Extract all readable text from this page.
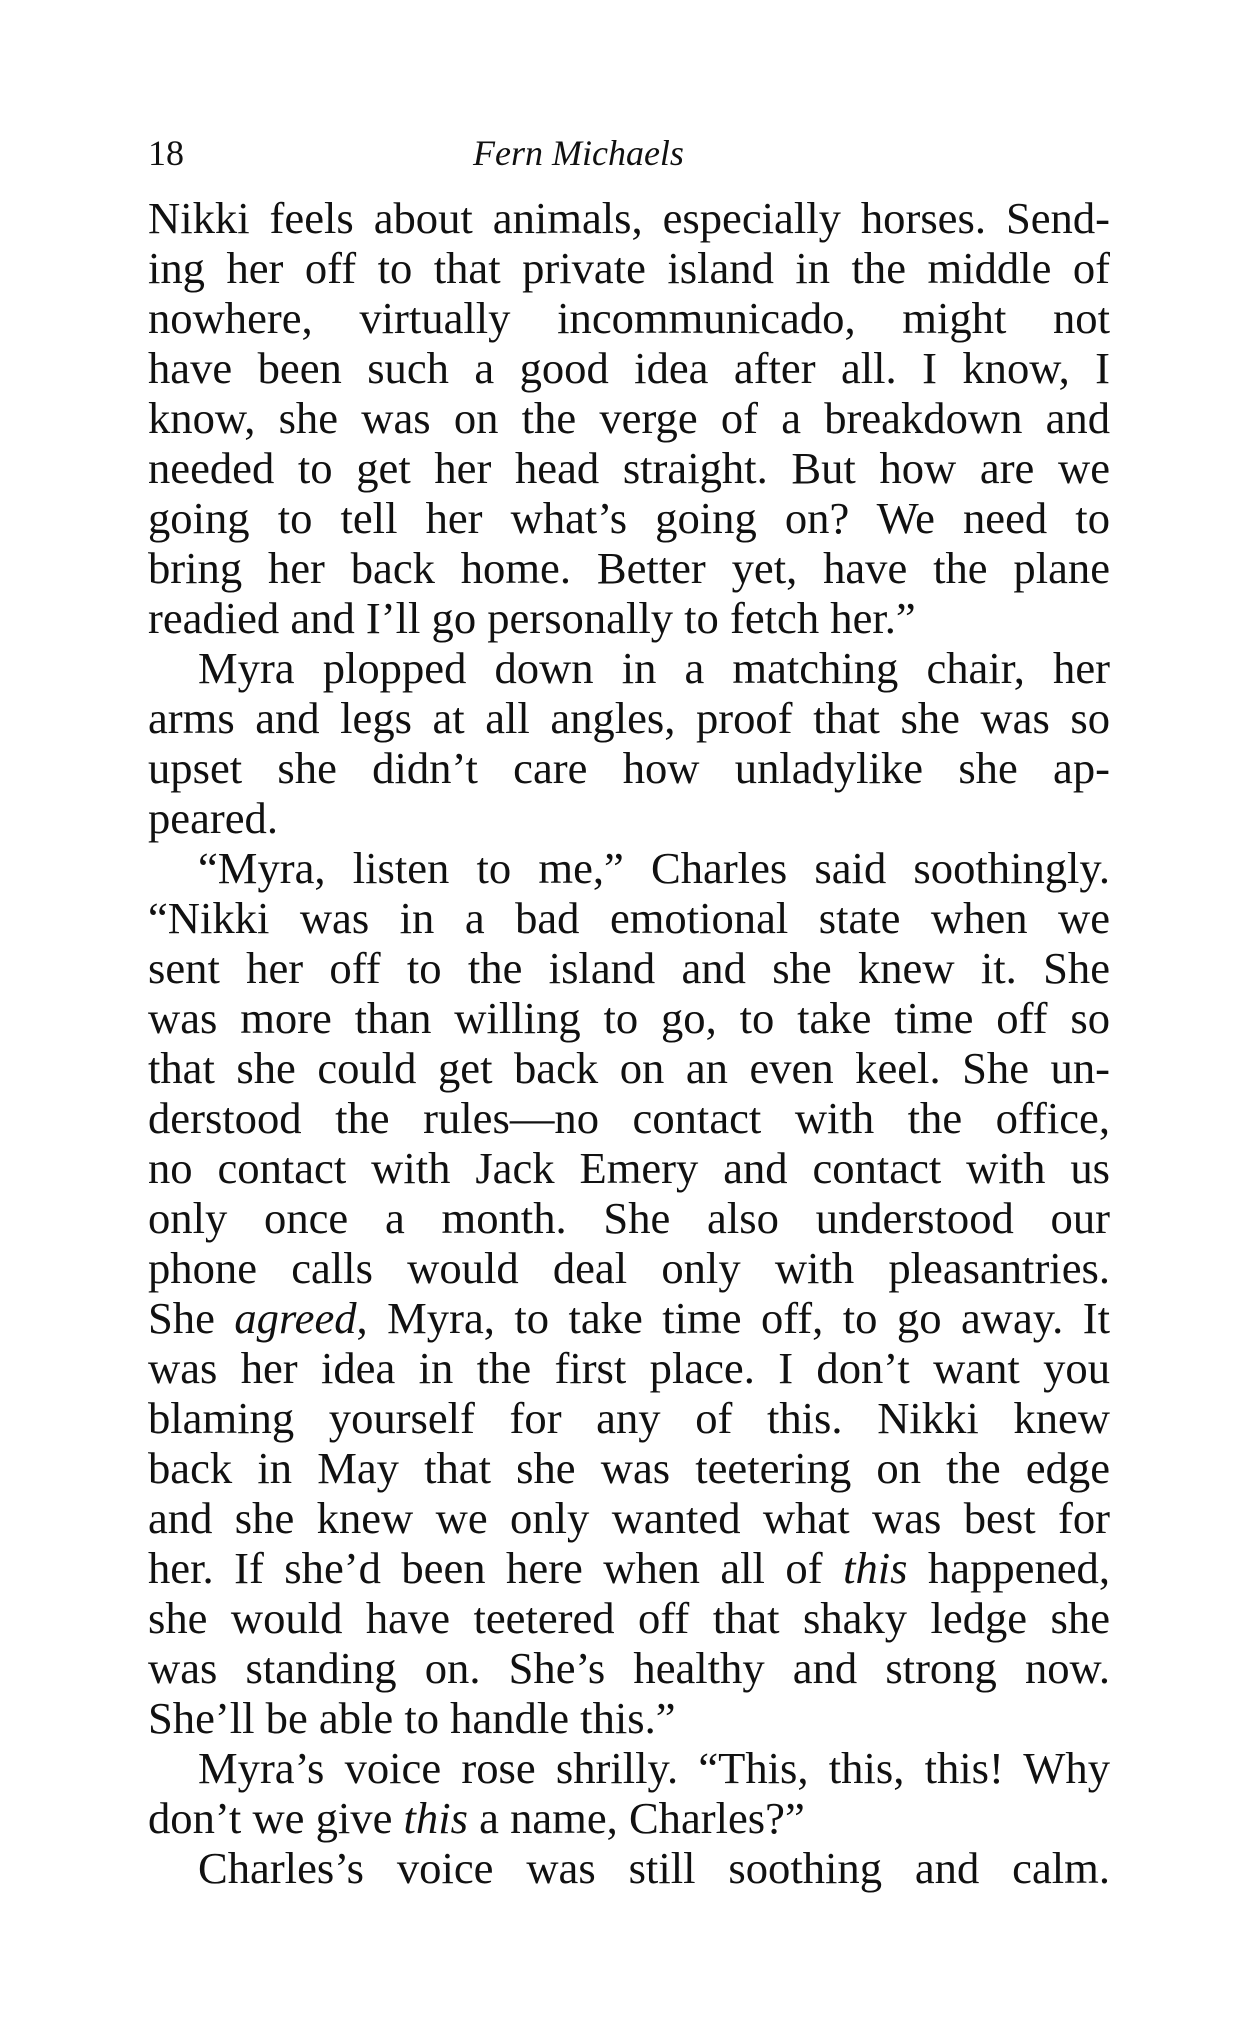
18	Fern Michaels

Nikki feels about animals, especially horses. Send-
ing her off to that private island in the middle of
nowhere, virtually incommunicado, might not
have been such a good idea after all. I know, I
know, she was on the verge of a breakdown and
needed to get her head straight. But how are we
going to tell her what’s going on? We need to
bring her back home. Better yet, have the plane
readied and I’ll go personally to fetch her.”

Myra plopped down in a matching chair, her
arms and legs at all angles, proof that she was so
upset she didn’t care how unladylike she ap-
peared.

“Myra, listen to me,” Charles said soothingly.
“Nikki was in a bad emotional state when we
sent her off to the island and she knew it. She
was more than willing to go, to take time off so
that she could get back on an even keel. She un-
derstood the rules—no contact with the office,
no contact with Jack Emery and contact with us
only once a month. She also understood our
phone calls would deal only with pleasantries.
She agreed, Myra, to take time off, to go away. It
was her idea in the first place. I don’t want you
blaming yourself for any of this. Nikki knew
back in May that she was teetering on the edge
and she knew we only wanted what was best for
her. If she’d been here when all of this happened,
she would have teetered off that shaky ledge she
was standing on. She’s healthy and strong now.
She’ll be able to handle this.”

Myra’s voice rose shrilly. “This, this, this! Why
don’t we give this a name, Charles?”

Charles’s voice was still soothing and calm.
